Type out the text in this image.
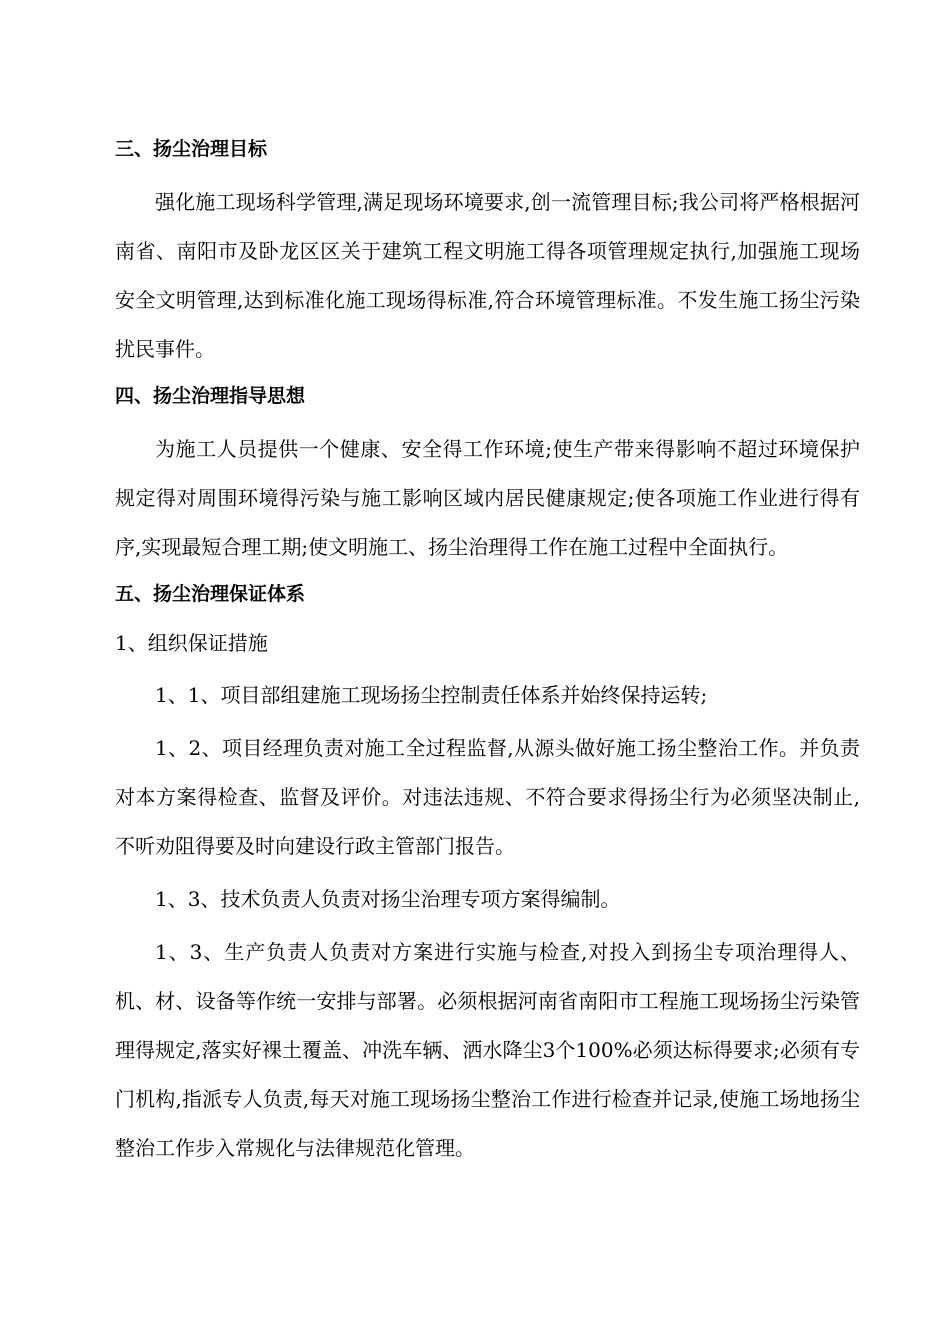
三、扬尘治理目标

强化施工现场科学管理,满足现场环境要求,创一流管理目标;我公司将严格根据河南省、南阳市及卧龙区区关于建筑工程文明施工得各项管理规定执行,加强施工现场安全文明管理,达到标准化施工现场得标准,符合环境管理标准。不发生施工扬尘污染扰民事件。

四、扬尘治理指导思想

为施工人员提供一个健康、安全得工作环境;使生产带来得影响不超过环境保护规定得对周围环境得污染与施工影响区域内居民健康规定;使各项施工作业进行得有序,实现最短合理工期;使文明施工、扬尘治理得工作在施工过程中全面执行。

五、扬尘治理保证体系
1、组织保证措施

1、1、项目部组建施工现场扬尘控制责任体系并始终保持运转;

1、2、项目经理负责对施工全过程监督,从源头做好施工扬尘整治工作。并负责对本方案得检查、监督及评价。对违法违规、不符合要求得扬尘行为必须坚决制止,不听劝阻得要及时向建设行政主管部门报告。

1、3、技术负责人负责对扬尘治理专项方案得编制。

1、3、生产负责人负责对方案进行实施与检查,对投入到扬尘专项治理得人、机、材、设备等作统一安排与部署。必须根据河南省南阳市工程施工现场扬尘污染管理得规定,落实好裸土覆盖、冲洗车辆、洒水降尘3个100%必须达标得要求;必须有专门机构,指派专人负责,每天对施工现场扬尘整治工作进行检查并记录,使施工场地扬尘整治工作步入常规化与法律规范化管理。
